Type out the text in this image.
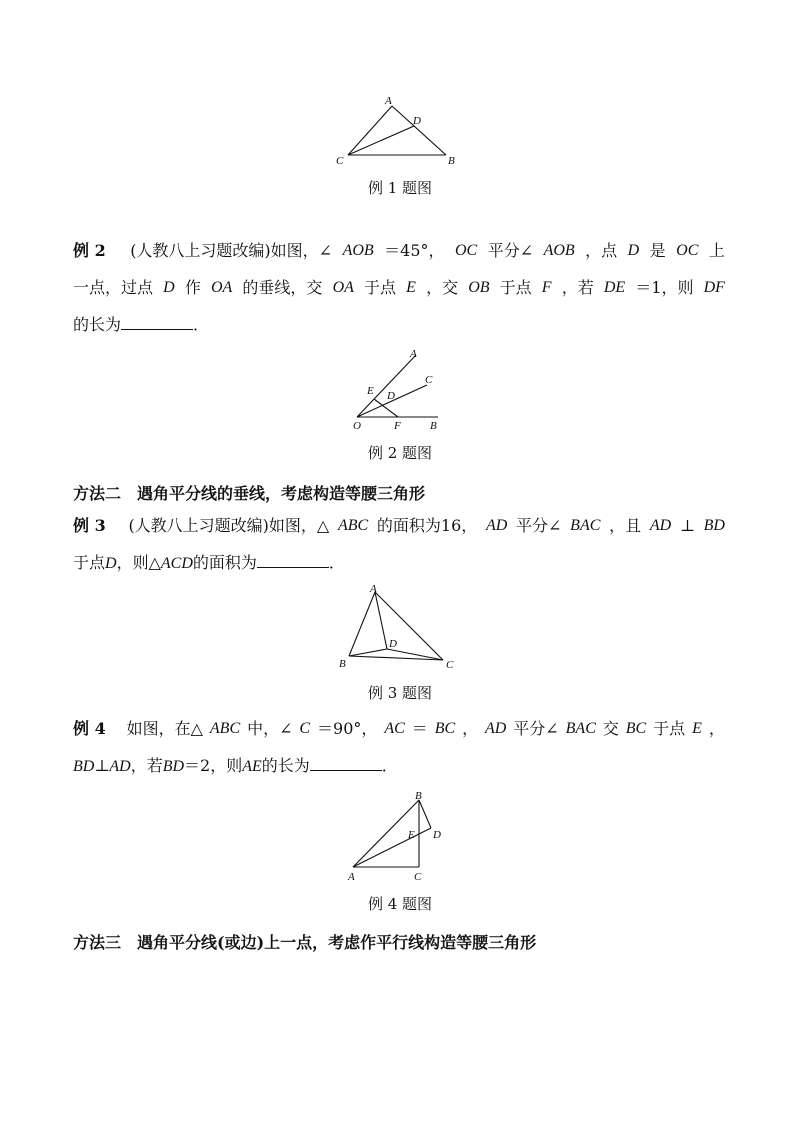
A
D
C	B
例 1 题图
例 2 (人教八上习题改编)如图，∠ AOB ＝45°， OC 平分∠ AOB ，点 D 是 OC 上
一点，过点 D 作 OA 的垂线，交 OA 于点 E ，交 OB 于点 F ，若 DE ＝1，则 DF
的长为	．
A
C
E D
O	F	B
例 2 题图
方法二　遇角平分线的垂线，考虑构造等腰三角形
例 3 (人教八上习题改编)如图，△ ABC 的面积为16， AD 平分∠ BAC ，且 AD ⊥ BD
于点D，则△ACD的面积为	．
A
D
B	C
例 3 题图
例 4 如图，在△ ABC 中，∠ C ＝90°， AC ＝ BC ， AD 平分∠ BAC 交 BC 于点 E ，
BD⊥AD，若BD＝2，则AE的长为	．
B
E D
A	C
例 4 题图
方法三　遇角平分线(或边)上一点，考虑作平行线构造等腰三角形
